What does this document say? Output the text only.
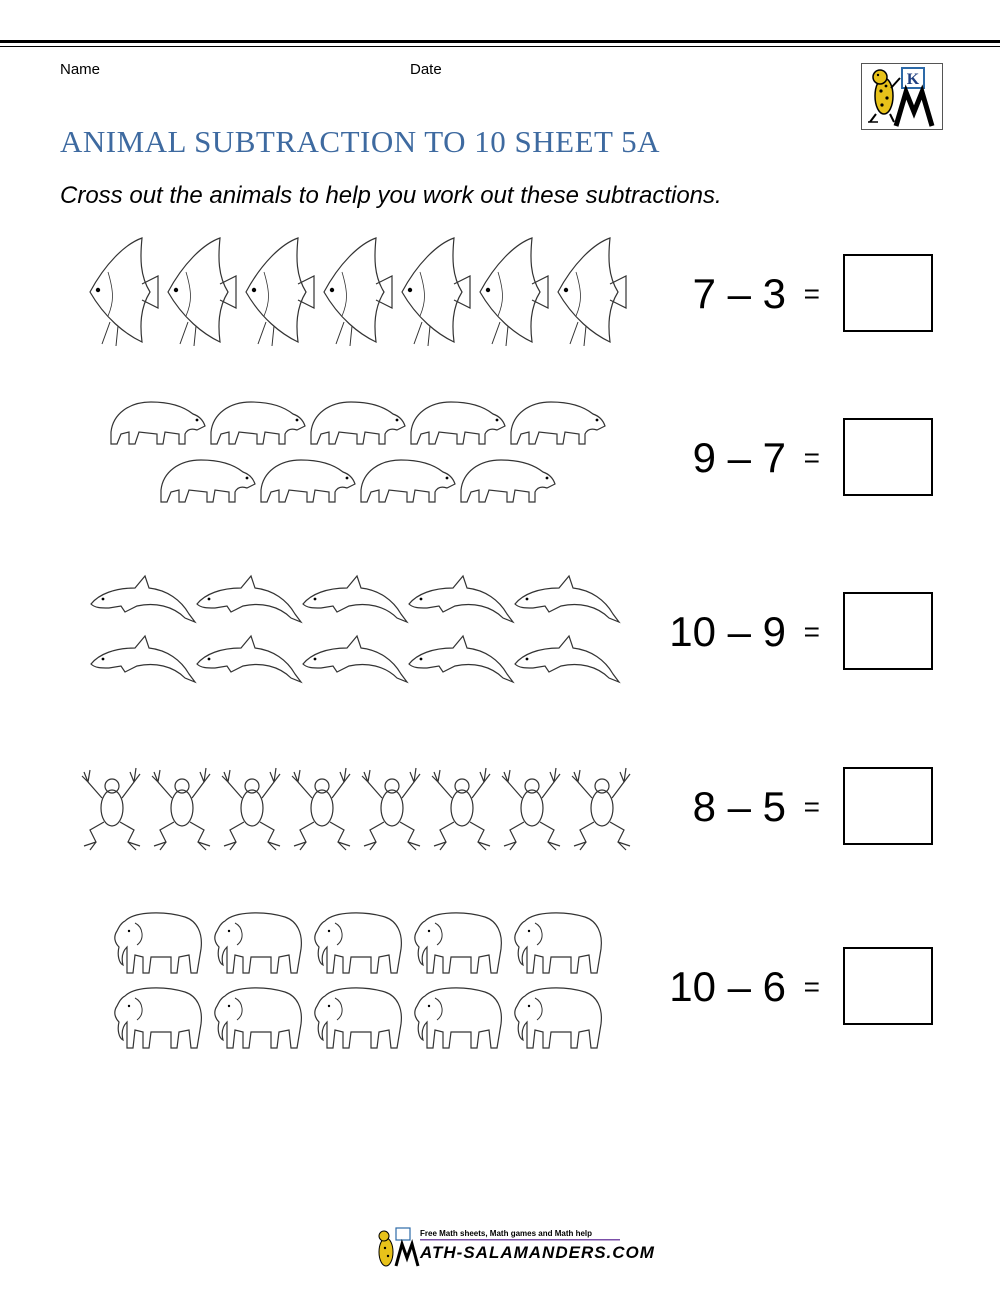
Name	Date
K
ANIMAL SUBTRACTION TO 10 SHEET 5A

Cross out the animals to help you work out these subtractions.

7 – 3 =
9 – 7 =
10 – 9 =
8 – 5 =
10 – 6 =
Free Math sheets, Math games and Math help
ATH-SALAMANDERS.COM
